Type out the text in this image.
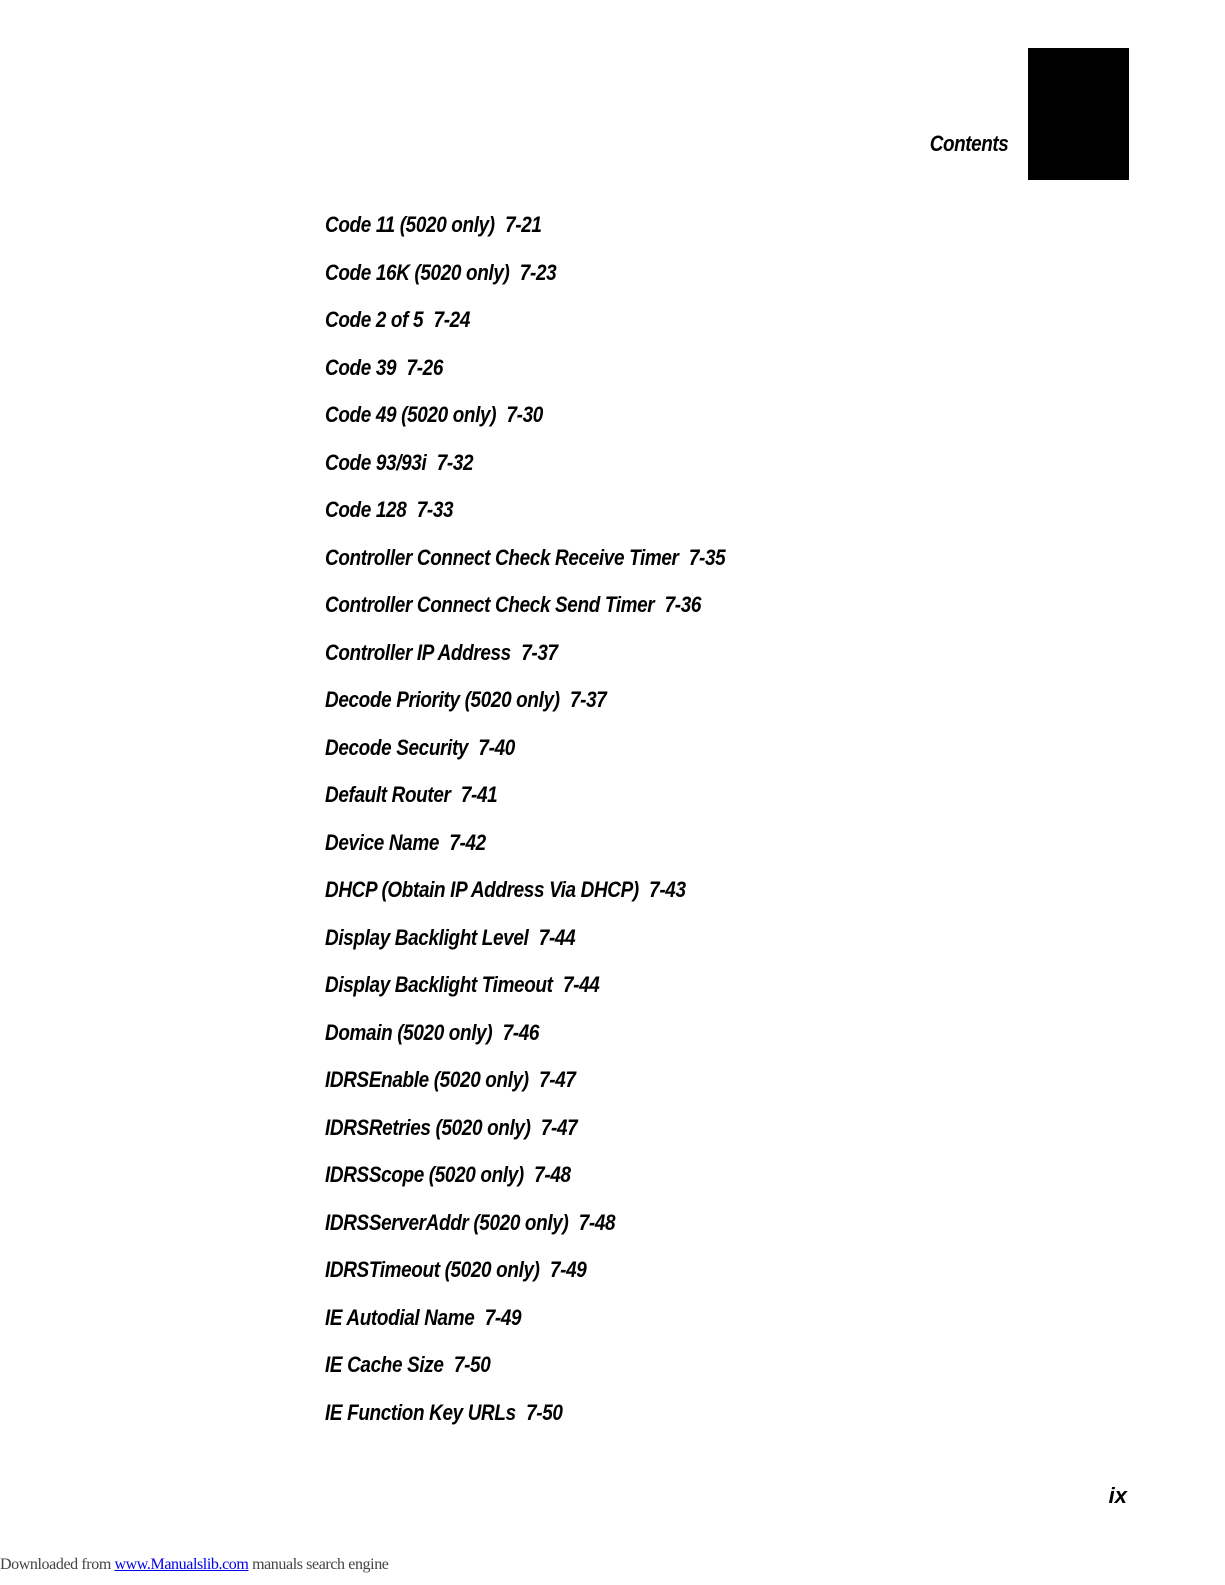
Contents
Code 11 (5020 only) 7-21
Code 16K (5020 only) 7-23
Code 2 of 5 7-24
Code 39 7-26
Code 49 (5020 only) 7-30
Code 93/93i 7-32
Code 128 7-33
Controller Connect Check Receive Timer 7-35
Controller Connect Check Send Timer 7-36
Controller IP Address 7-37
Decode Priority (5020 only) 7-37
Decode Security 7-40
Default Router 7-41
Device Name 7-42
DHCP (Obtain IP Address Via DHCP) 7-43
Display Backlight Level 7-44
Display Backlight Timeout 7-44
Domain (5020 only) 7-46
IDRSEnable (5020 only) 7-47
IDRSRetries (5020 only) 7-47
IDRSScope (5020 only) 7-48
IDRSServerAddr (5020 only) 7-48
IDRSTimeout (5020 only) 7-49
IE Autodial Name 7-49
IE Cache Size 7-50
IE Function Key URLs 7-50
ix
Downloaded from www.Manualslib.com manuals search engine
